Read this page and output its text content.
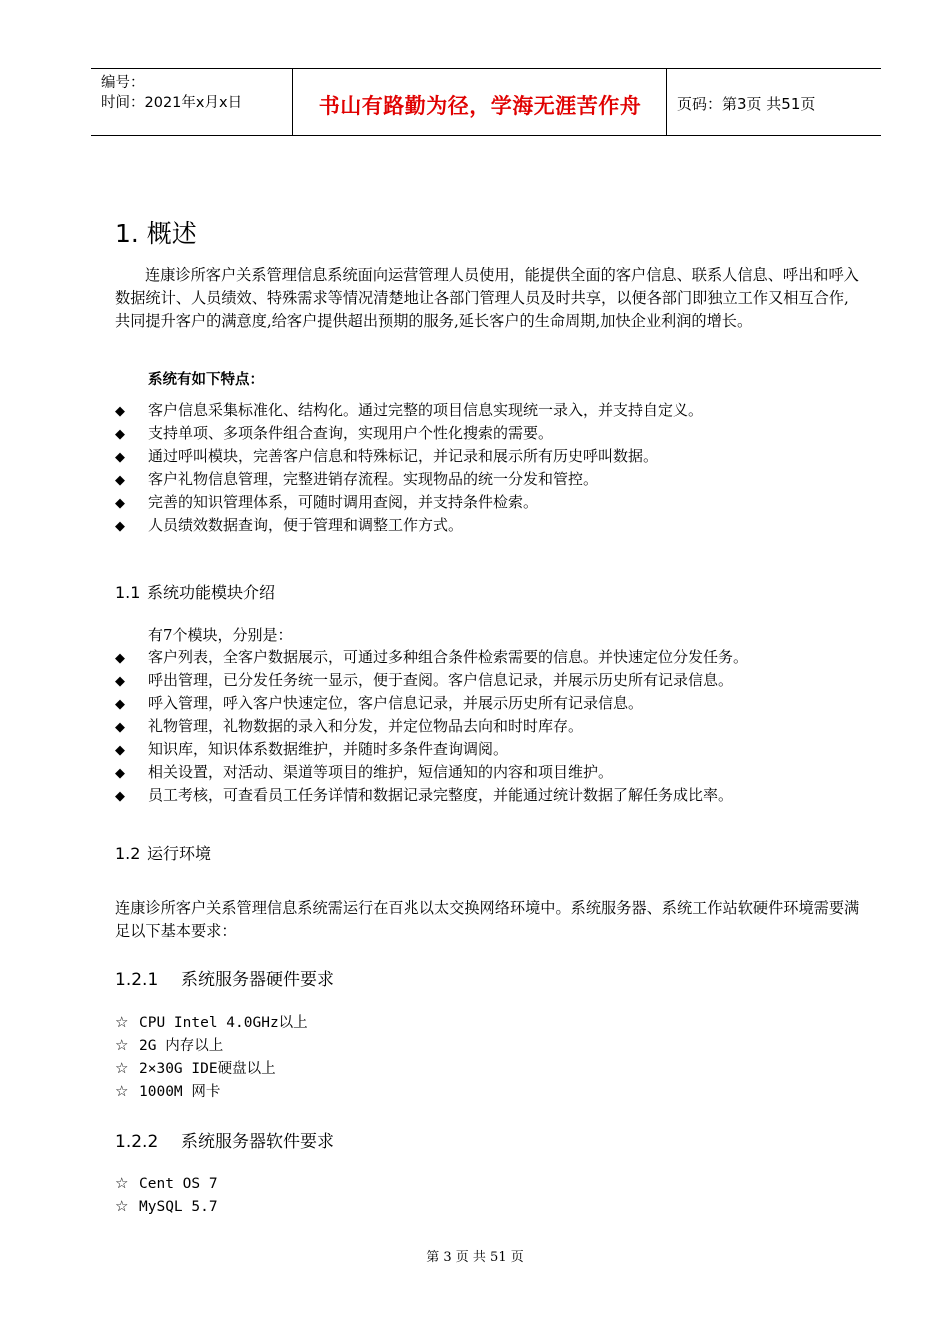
编号：
时间：2021年x月x日	书山有路勤为径，学海无涯苦作舟	页码：第3页 共51页
1. 概述

连康诊所客户关系管理信息系统面向运营管理人员使用，能提供全面的客户信息、联系人信息、呼出和呼入数据统计、人员绩效、特殊需求等情况清楚地让各部门管理人员及时共享，以便各部门即独立工作又相互合作,共同提升客户的满意度,给客户提供超出预期的服务,延长客户的生命周期,加快企业利润的增长。

系统有如下特点：
◆ 客户信息采集标准化、结构化。通过完整的项目信息实现统一录入，并支持自定义。
◆ 支持单项、多项条件组合查询，实现用户个性化搜索的需要。
◆ 通过呼叫模块，完善客户信息和特殊标记，并记录和展示所有历史呼叫数据。
◆ 客户礼物信息管理，完整进销存流程。实现物品的统一分发和管控。
◆ 完善的知识管理体系，可随时调用查阅，并支持条件检索。
◆ 人员绩效数据查询，便于管理和调整工作方式。
1.1 系统功能模块介绍
有7个模块，分别是：
◆ 客户列表，全客户数据展示，可通过多种组合条件检索需要的信息。并快速定位分发任务。
◆ 呼出管理，已分发任务统一显示，便于查阅。客户信息记录，并展示历史所有记录信息。
◆ 呼入管理，呼入客户快速定位，客户信息记录，并展示历史所有记录信息。
◆ 礼物管理，礼物数据的录入和分发，并定位物品去向和时时库存。
◆ 知识库，知识体系数据维护，并随时多条件查询调阅。
◆ 相关设置，对活动、渠道等项目的维护，短信通知的内容和项目维护。
◆ 员工考核，可查看员工任务详情和数据记录完整度，并能通过统计数据了解任务成比率。
1.2 运行环境

连康诊所客户关系管理信息系统需运行在百兆以太交换网络环境中。系统服务器、系统工作站软硬件环境需要满足以下基本要求：

1.2.1 系统服务器硬件要求
☆ CPU Intel 4.0GHz以上
☆ 2G 内存以上
☆ 2×30G IDE硬盘以上
☆ 1000M 网卡
1.2.2 系统服务器软件要求
☆ Cent OS 7
☆ MySQL 5.7
第 3 页 共 51 页
